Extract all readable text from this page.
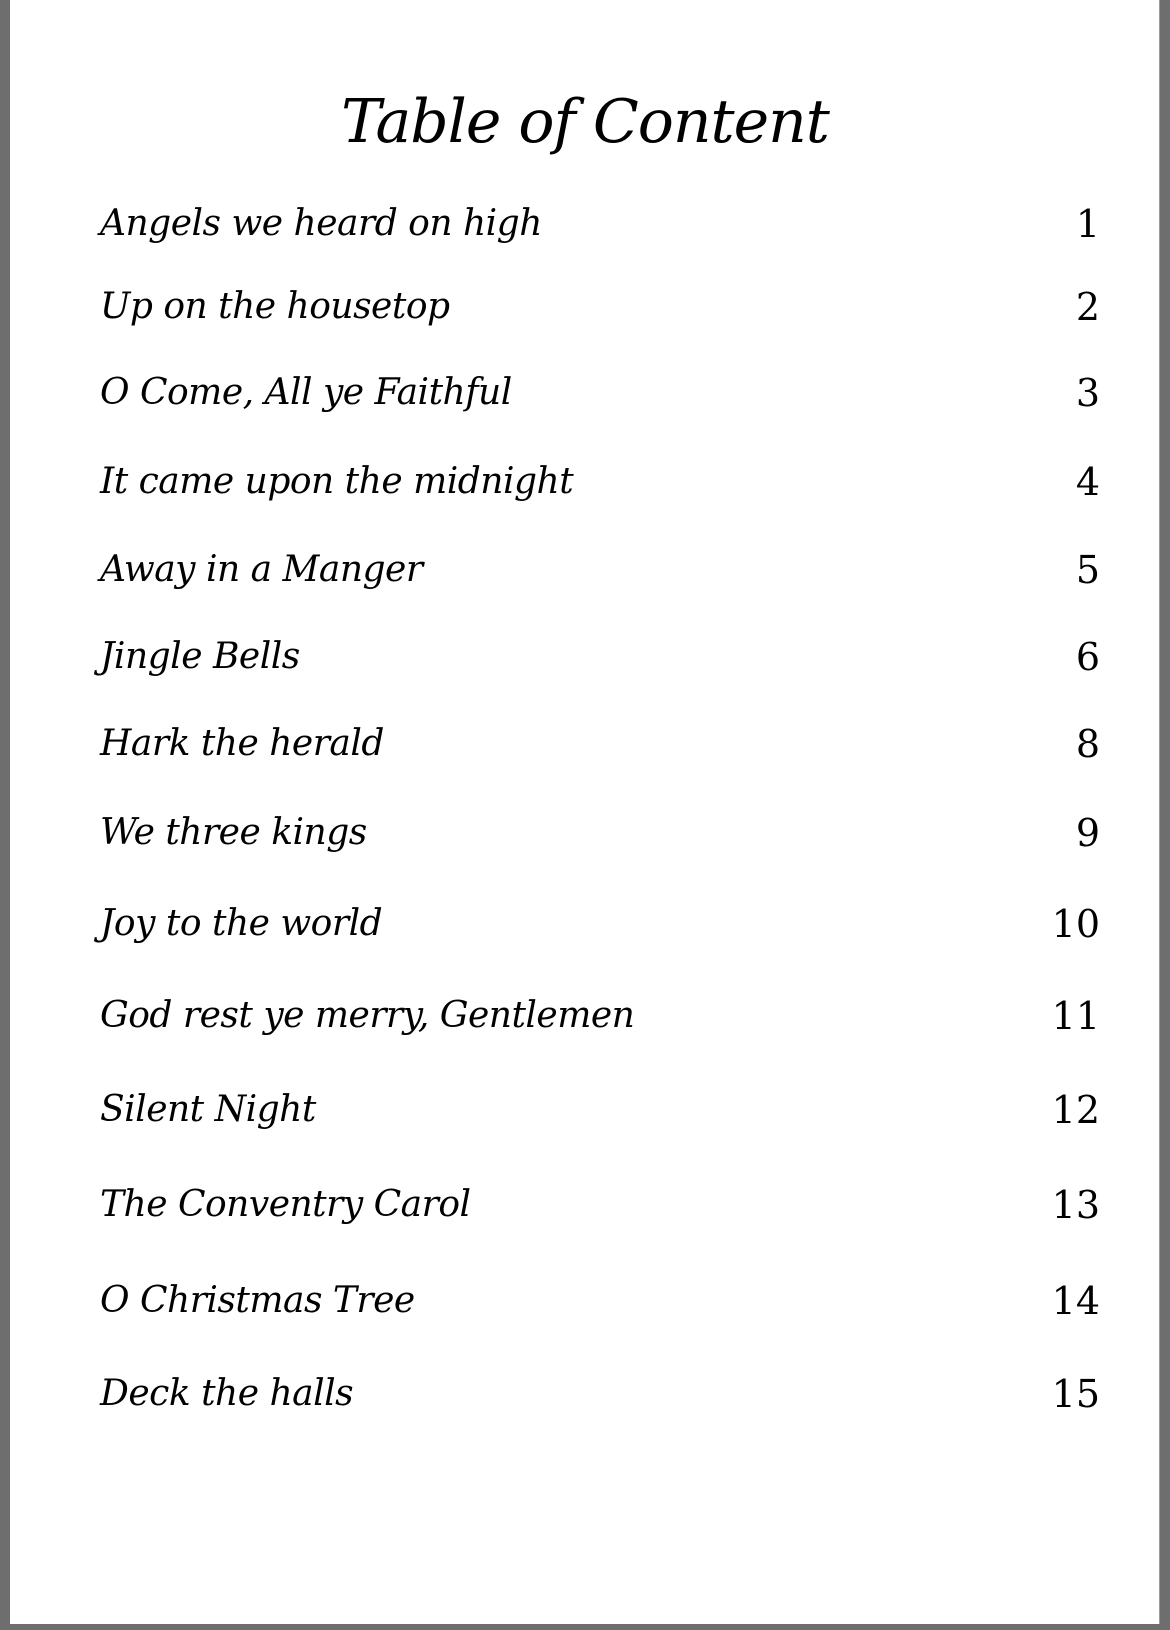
Table of Content
Angels we heard on high	1
Up on the housetop	2
O Come, All ye Faithful	3
It came upon the midnight	4
Away in a Manger	5
Jingle Bells	6
Hark the herald	8
We three kings	9
Joy to the world	10
God rest ye merry, Gentlemen	11
Silent Night	12
The Conventry Carol	13
O Christmas Tree	14
Deck the halls	15
